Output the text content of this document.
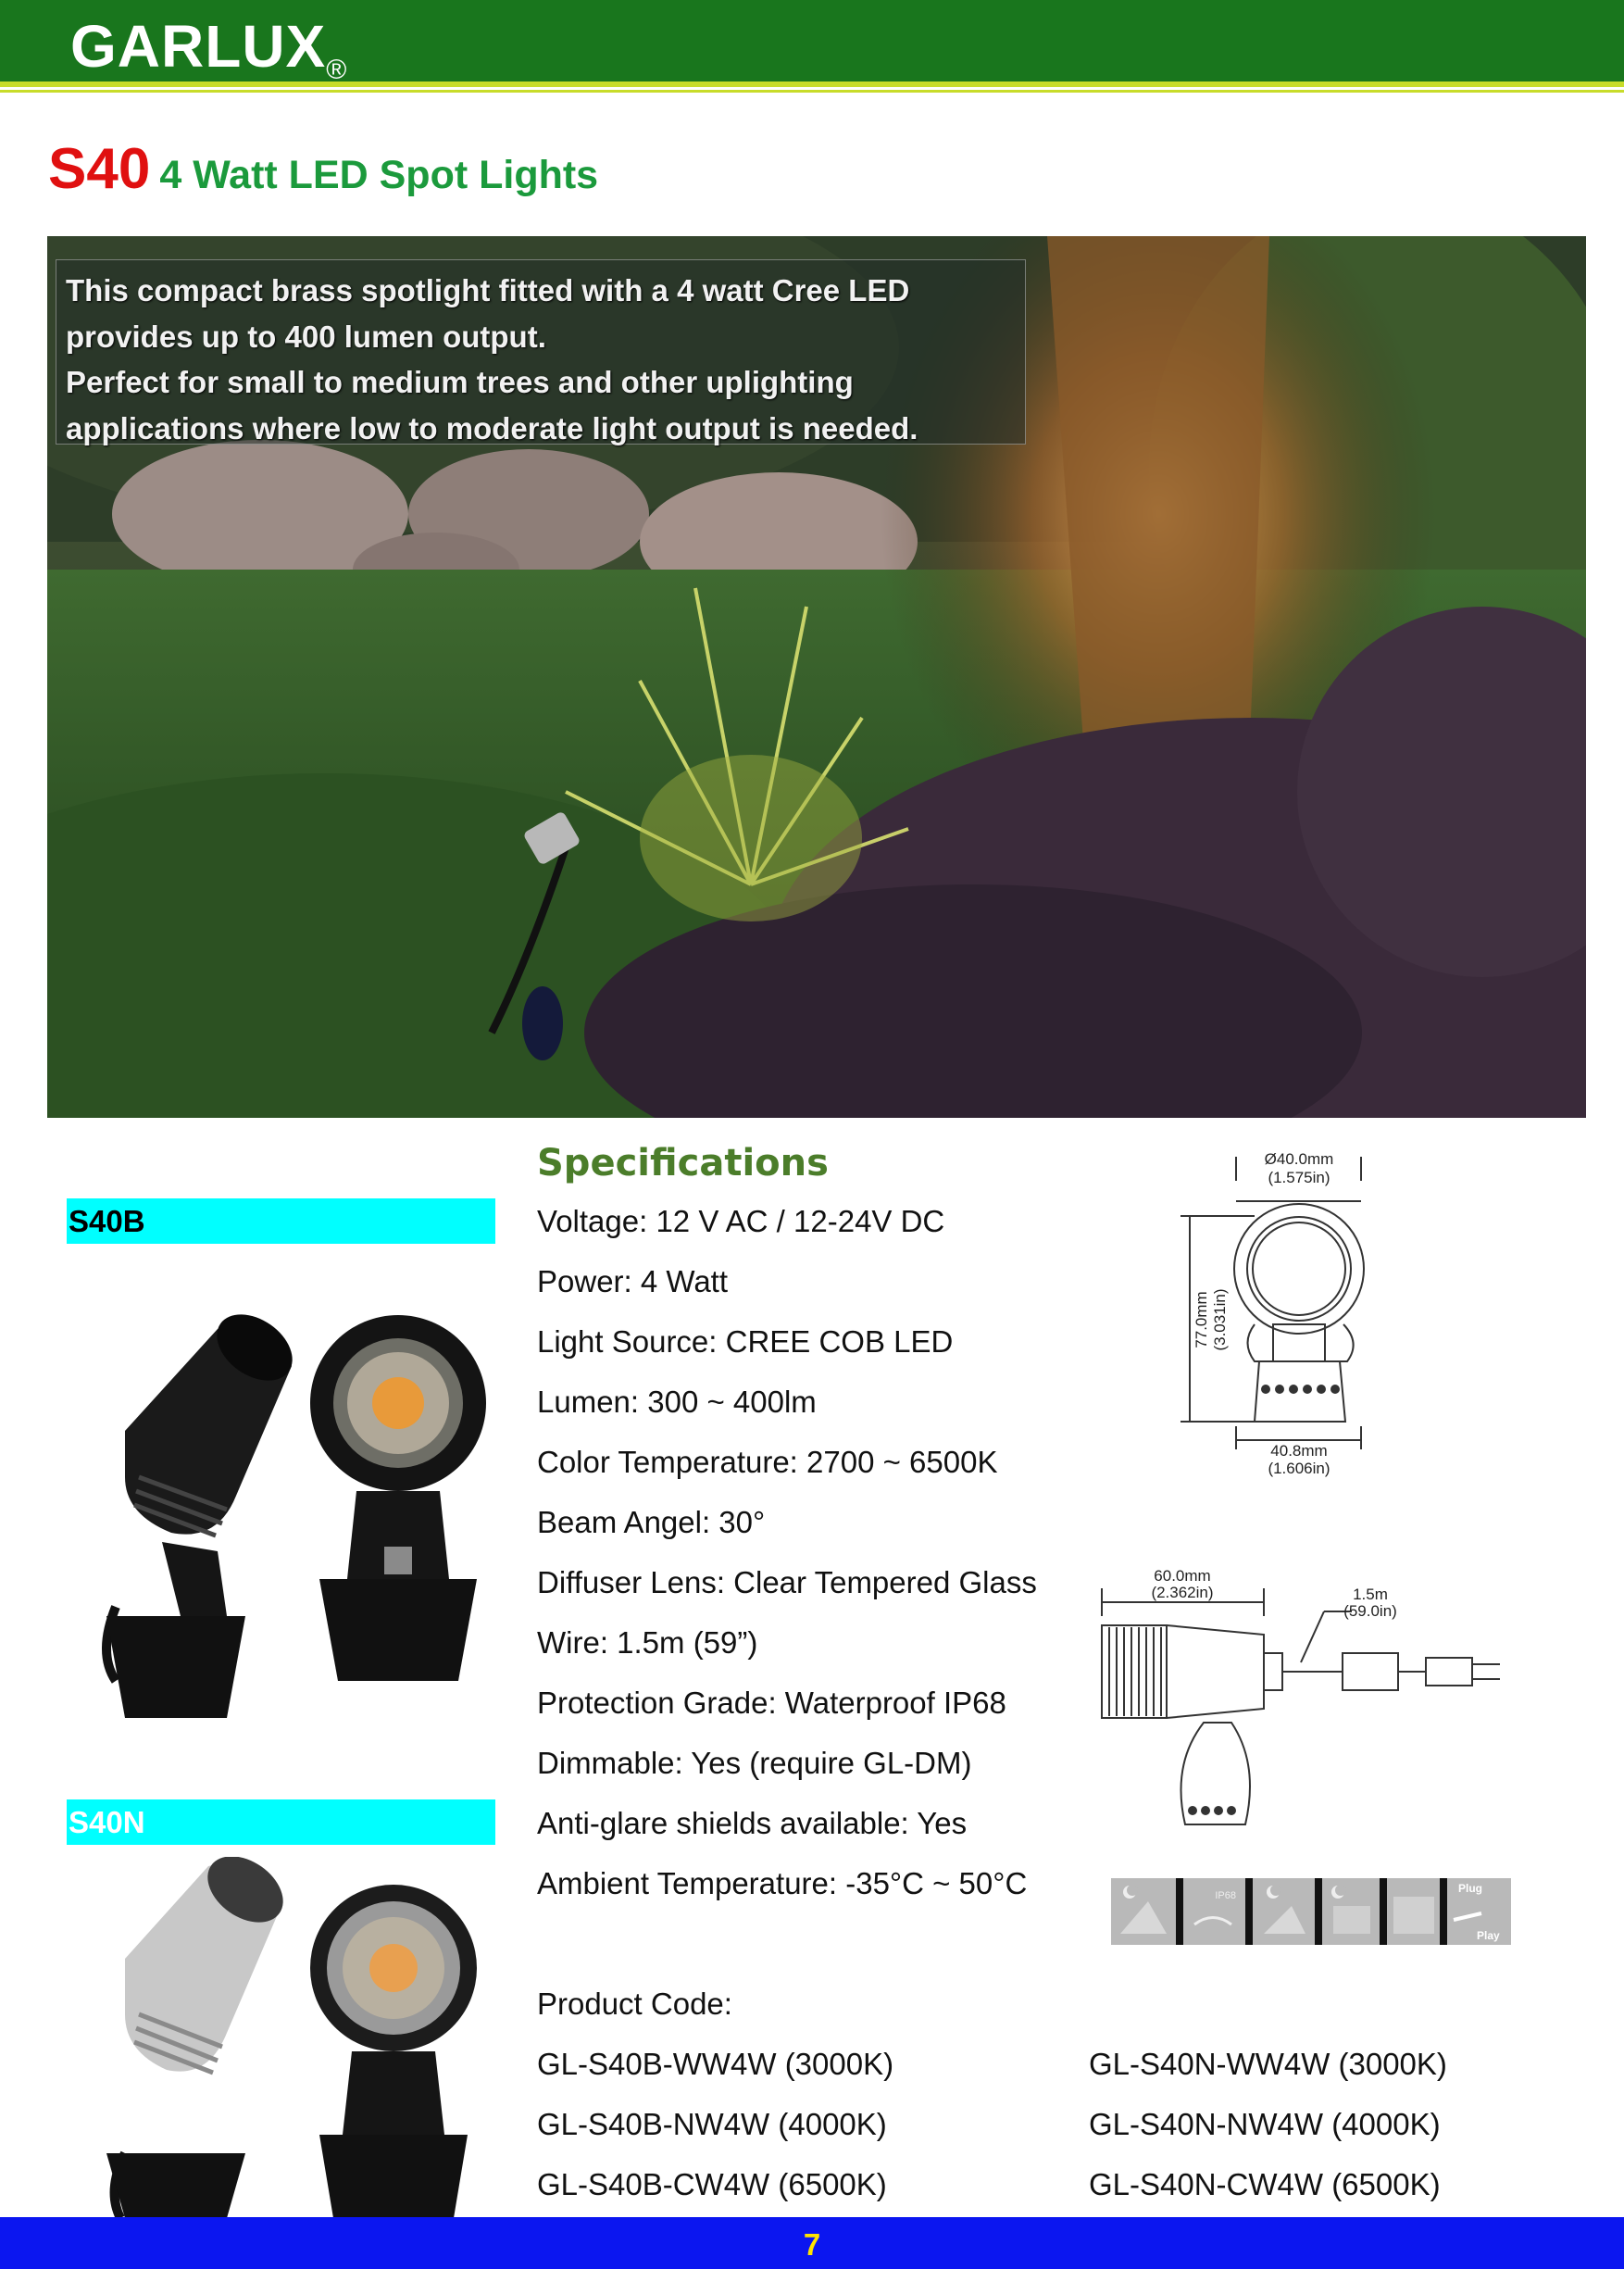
GARLUX®
S40 4 Watt LED Spot Lights
This compact brass spotlight fitted with a 4 watt Cree LED
provides up to 400 lumen output.
Perfect for small to medium trees and other uplighting
applications where low to moderate light output is needed.
S40B
S40N
Specifications
Voltage: 12 V AC / 12-24V DC
Power: 4 Watt
Light Source: CREE COB LED
Lumen: 300 ~ 400lm
Color Temperature: 2700 ~ 6500K
Beam Angel: 30°
Diffuser Lens: Clear Tempered Glass
Wire: 1.5m (59”)
Protection Grade: Waterproof IP68
Dimmable: Yes (require GL-DM)
Anti-glare shields available: Yes
Ambient Temperature: -35°C ~ 50°C
Ø40.0mm
(1.575in)
77.0mm (3.031in)
40.8mm
(1.606in)
60.0mm
(2.362in)	1.5m
(59.0in)
IP68
Plug
Play
Product Code:
GL-S40B-WW4W (3000K)
GL-S40B-NW4W (4000K)
GL-S40B-CW4W (6500K)
GL-S40N-WW4W (3000K)
GL-S40N-NW4W (4000K)
GL-S40N-CW4W (6500K)
7
